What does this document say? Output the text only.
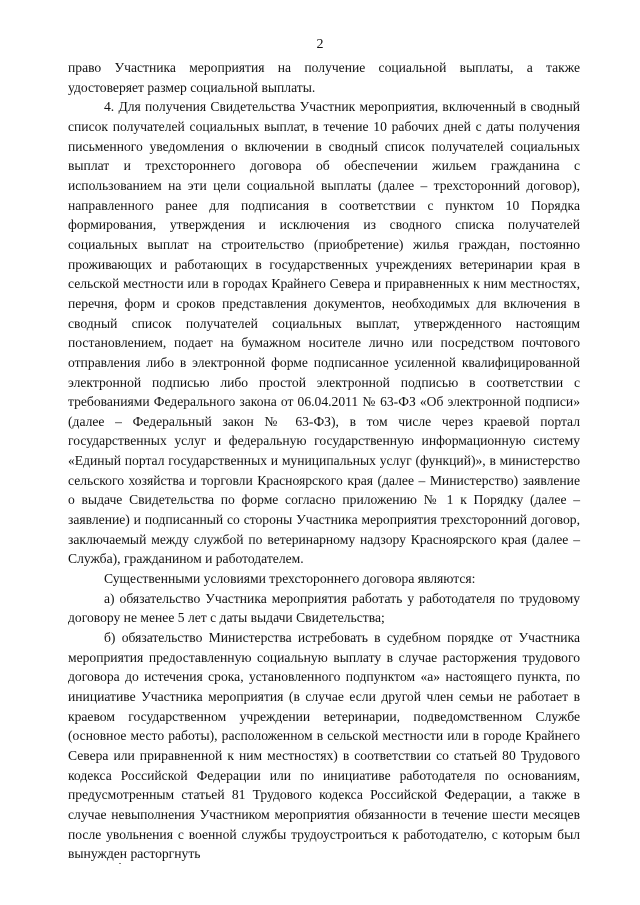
2

право Участника мероприятия на получение социальной выплаты, а также удостоверяет размер социальной выплаты.

4. Для получения Свидетельства Участник мероприятия, включенный в сводный список получателей социальных выплат, в течение 10 рабочих дней с даты получения письменного уведомления о включении в сводный список получателей социальных выплат и трехстороннего договора об обеспечении жильем гражданина с использованием на эти цели социальной выплаты (далее – трехсторонний договор), направленного ранее для подписания в соответствии с пунктом 10 Порядка формирования, утверждения и исключения из сводного списка получателей социальных выплат на строительство (приобретение) жилья граждан, постоянно проживающих и работающих в государственных учреждениях ветеринарии края в сельской местности или в городах Крайнего Севера и приравненных к ним местностях, перечня, форм и сроков представления документов, необходимых для включения в сводный список получателей социальных выплат, утвержденного настоящим постановлением, подает на бумажном носителе лично или посредством почтового отправления либо в электронной форме подписанное усиленной квалифицированной электронной подписью либо простой электронной подписью в соответствии с требованиями Федерального закона от 06.04.2011 № 63-ФЗ «Об электронной подписи» (далее – Федеральный закон № 63-ФЗ), в том числе через краевой портал государственных услуг и федеральную государственную информационную систему «Единый портал государственных и муниципальных услуг (функций)», в министерство сельского хозяйства и торговли Красноярского края (далее – Министерство) заявление о выдаче Свидетельства по форме согласно приложению № 1 к Порядку (далее – заявление) и подписанный со стороны Участника мероприятия трехсторонний договор, заключаемый между службой по ветеринарному надзору Красноярского края (далее – Служба), гражданином и работодателем.

Существенными условиями трехстороннего договора являются:

а) обязательство Участника мероприятия работать у работодателя по трудовому договору не менее 5 лет с даты выдачи Свидетельства;

б) обязательство Министерства истребовать в судебном порядке от Участника мероприятия предоставленную социальную выплату в случае расторжения трудового договора до истечения срока, установленного подпунктом «а» настоящего пункта, по инициативе Участника мероприятия (в случае если другой член семьи не работает в краевом государственном учреждении ветеринарии, подведомственном Службе (основное место работы), расположенном в сельской местности или в городе Крайнего Севера или приравненной к ним местностях) в соответствии со статьей 80 Трудового кодекса Российской Федерации или по инициативе работодателя по основаниям, предусмотренным статьей 81 Трудового кодекса Российской Федерации, а также в случае невыполнения Участником мероприятия обязанности в течение шести месяцев после увольнения с военной службы трудоустроиться к работодателю, с которым был вынужден расторгнуть
